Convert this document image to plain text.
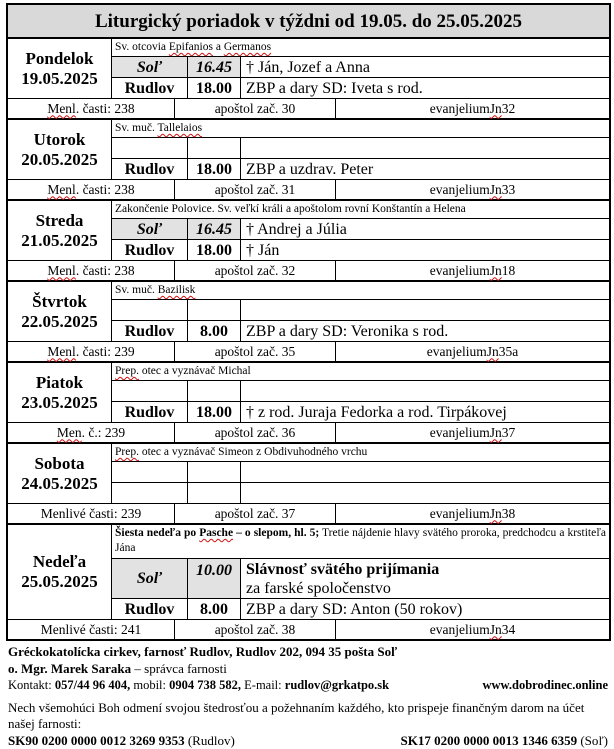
Liturgický poriadok v týždni od 19.05. do 25.05.2025
Pondelok
19.05.2025
Sv. otcovia Epifanios a Germanos
Soľ	16.45 † Ján, Jozef a Anna
Rudlov	18.00 ZBP a dary SD: Iveta s rod.
Menl . časti: 238	apoštol zač. 30	evanjelium Jn 32
Utorok
20.05.2025
Sv. muč. Tallelaios
Rudlov	18.00 ZBP a uzdrav. Peter
Menl . časti: 238	apoštol zač. 31	evanjelium Jn 33
Streda
21.05.2025
Zakončenie Polovice. Sv. veľkí králi a apoštolom rovní Konštantín a Helena
Soľ	16.45 † Andrej a Júlia
Rudlov	18.00 † Ján
Menl . časti: 238	apoštol zač. 32	evanjelium Jn 18
Štvrtok
22.05.2025
Sv. muč. Bazilisk
Rudlov	8.00	ZBP a dary SD: Veronika s rod.
Menl . časti: 239	apoštol zač. 35	evanjelium Jn 35a
Piatok
23.05.2025
Prep. otec a vyznávač Michal
Rudlov	18.00 † z rod. Juraja Fedorka a rod. Tirpákovej
Men . č.: 239	apoštol zač. 36	evanjelium Jn 37
Sobota
24.05.2025
Prep. otec a vyznávač Simeon z Obdivuhodného vrchu
Menlivé časti: 239	apoštol zač. 37	evanjelium Jn 38
Nedeľa
25.05.2025
Šiesta nedeľa po Pasche – o slepom, hl. 5; Tretie nájdenie hlavy svätého proroka, predchodcu a krstiteľa Jána
Soľ	10.00 Slávnosť svätého prijímania
za farské spoločenstvo
Rudlov	8.00	ZBP a dary SD: Anton (50 rokov)
Menlivé časti: 241	apoštol zač. 38	evanjelium Jn 34
Gréckokatolícka cirkev, farnosť Rudlov, Rudlov 202, 094 35 pošta Soľ
o. Mgr. Marek Saraka – správca farnosti
Kontakt: 057/44 96 404, mobil: 0904 738 582, E-mail: rudlov@grkatpo.sk	www.dobrodinec.online
Nech všemohúci Boh odmení svojou štedrosťou a požehnaním každého, kto prispeje finančným darom na účet našej farnosti:
SK90 0200 0000 0012 3269 9353 (Rudlov)	SK17 0200 0000 0013 1346 6359 (Soľ)
